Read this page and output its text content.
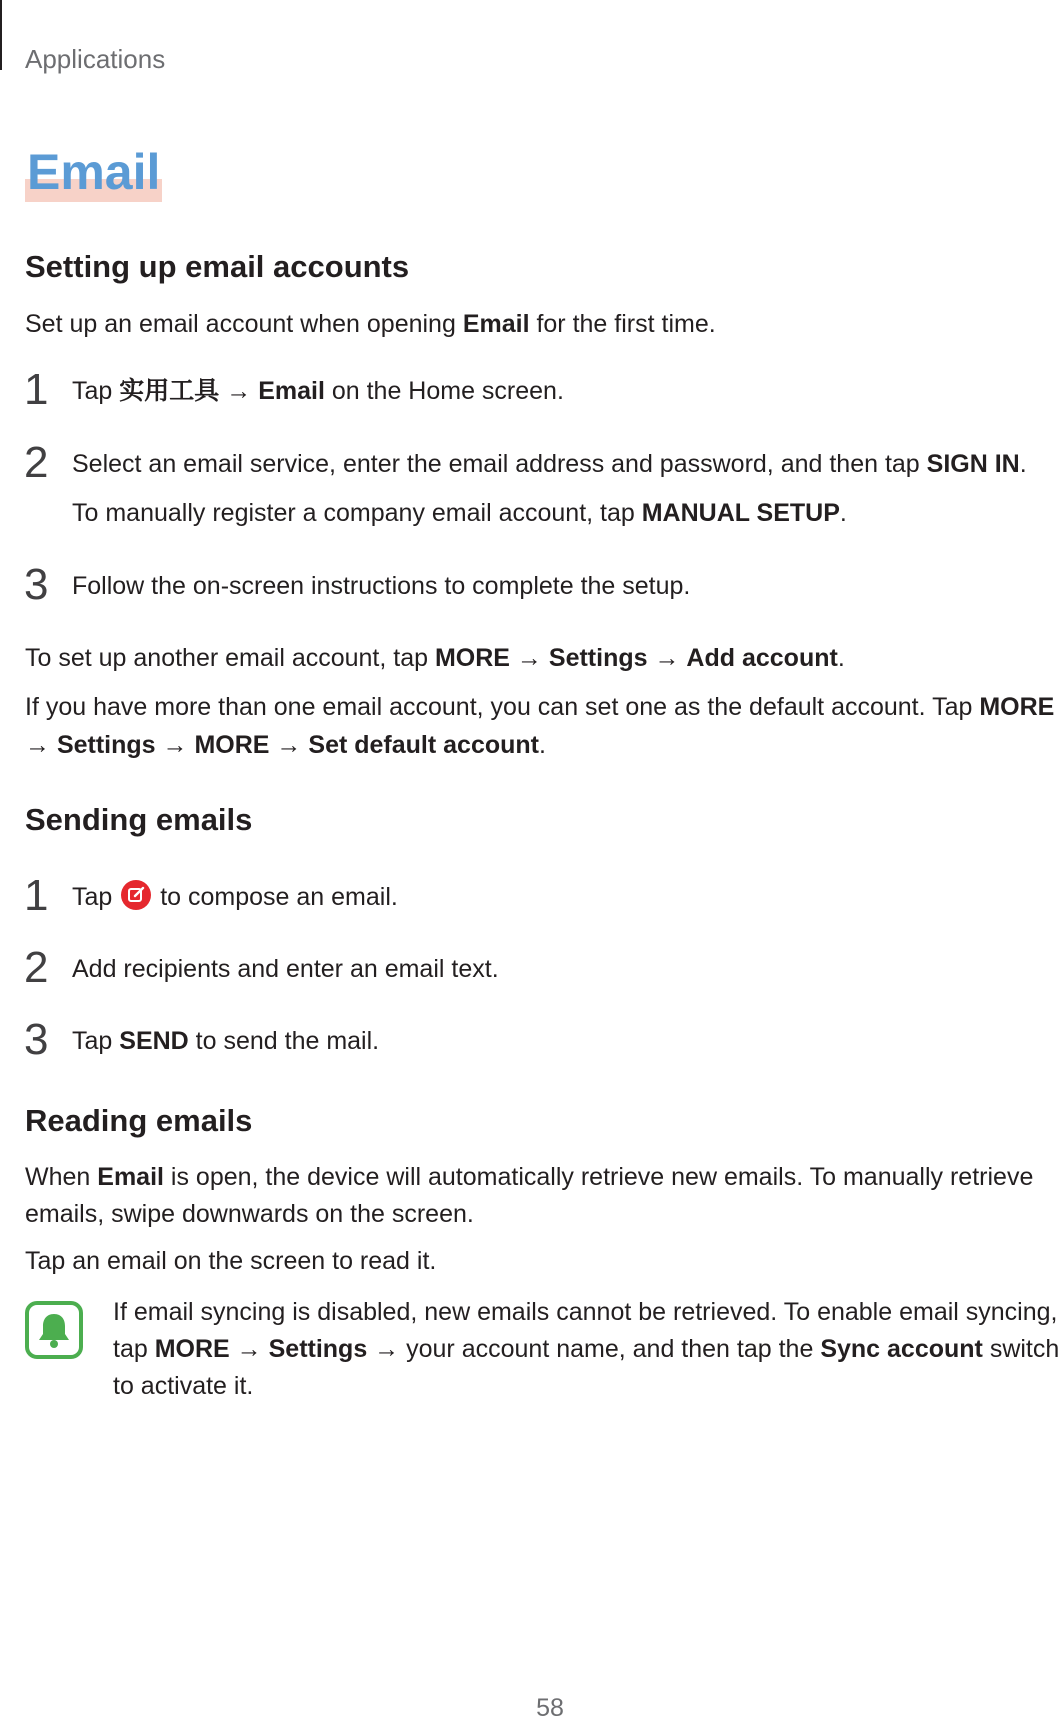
Applications
Email
Setting up email accounts
Set up an email account when opening Email for the first time.
1 Tap 实用工具 → Email on the Home screen.
2 Select an email service, enter the email address and password, and then tap SIGN IN.
To manually register a company email account, tap MANUAL SETUP.
3 Follow the on-screen instructions to complete the setup.
To set up another email account, tap MORE → Settings → Add account.
If you have more than one email account, you can set one as the default account. Tap MORE
→ Settings → MORE → Set default account.
Sending emails
1 Tap
to compose an email.
2 Add recipients and enter an email text.
3 Tap SEND to send the mail.
Reading emails
When Email is open, the device will automatically retrieve new emails. To manually retrieve
emails, swipe downwards on the screen.
Tap an email on the screen to read it.
If email syncing is disabled, new emails cannot be retrieved. To enable email syncing,
tap MORE → Settings → your account name, and then tap the Sync account switch
to activate it.
58
